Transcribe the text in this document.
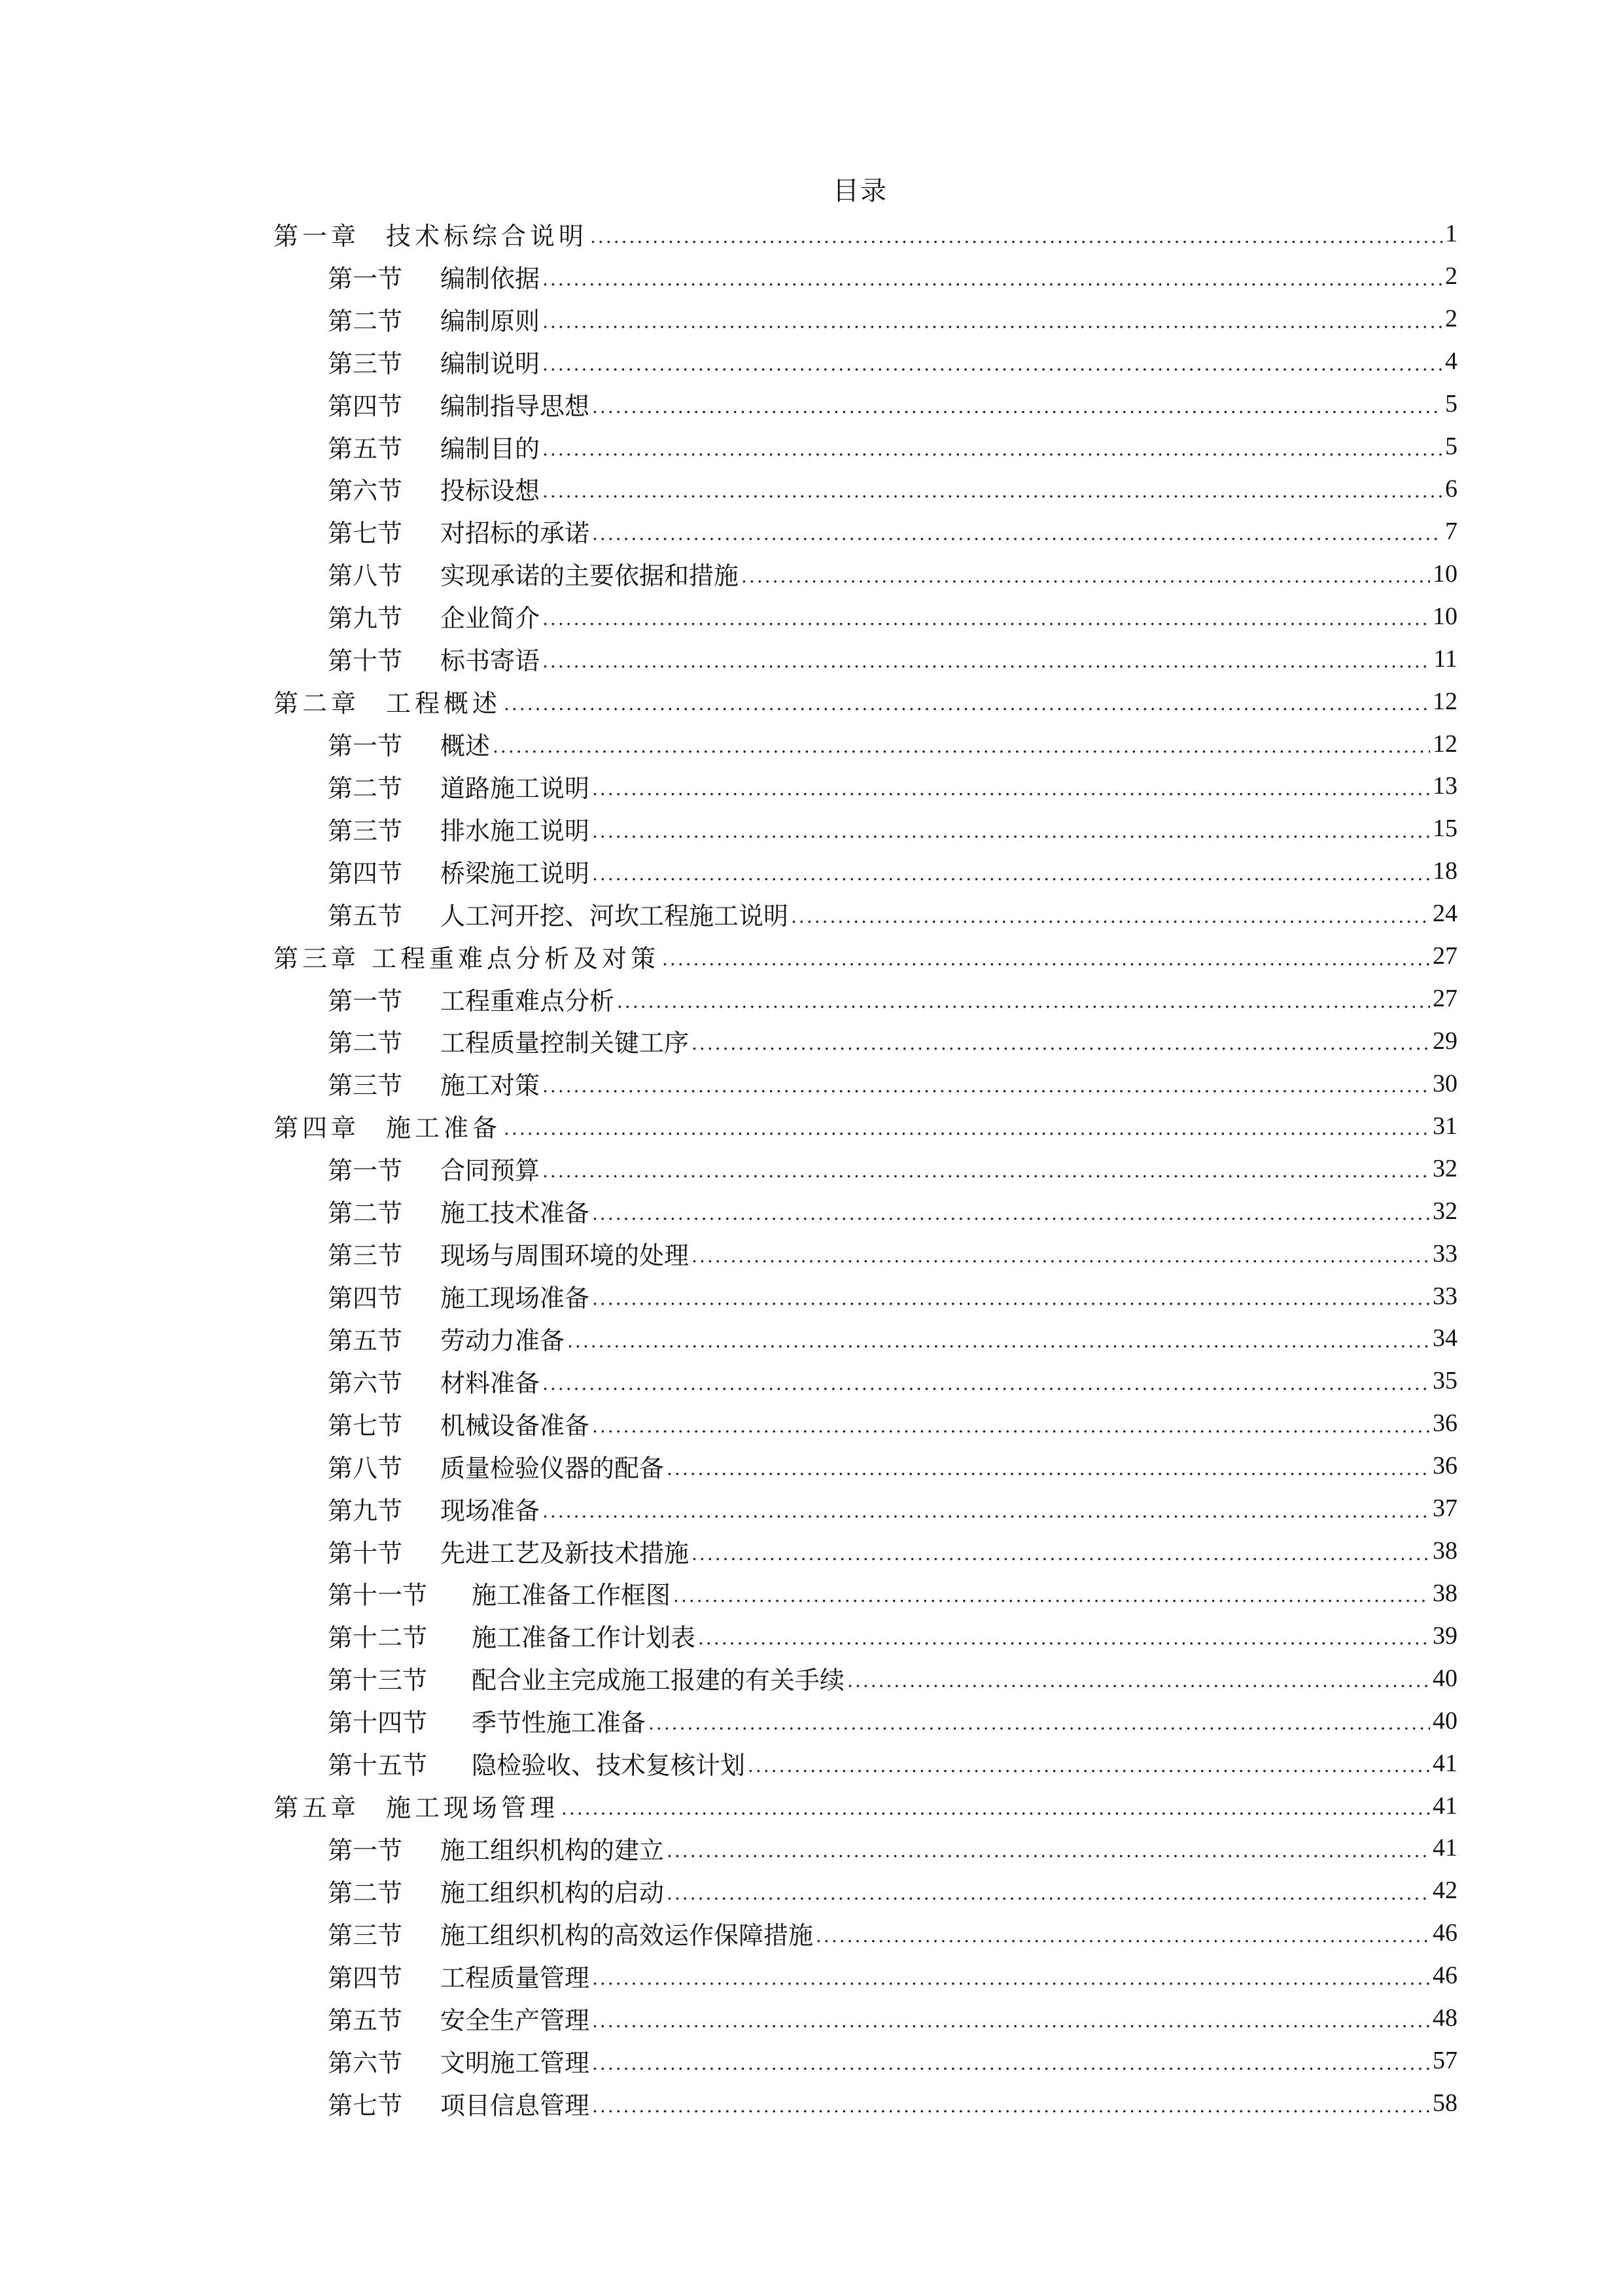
目录
第一章	技术标综合说明 .....	1
第一节	编制依据 .....	2
第二节	编制原则 .....	2
第三节	编制说明 .....	4
第四节	编制指导思想 .....	5
第五节	编制目的 .....	5
第六节	投标设想 .....	6
第七节	对招标的承诺 .....	7
第八节	实现承诺的主要依据和措施 .....	10
第九节	企业简介 .....	10
第十节	标书寄语 .....	11
第二章	工程概述 .....	12
第一节	概述 .....	12
第二节	道路施工说明 .....	13
第三节	排水施工说明 .....	15
第四节	桥梁施工说明 .....	18
第五节	人工河开挖、河坎工程施工说明 .....	24
第三章 工程重难点分析及对策 .....	27
第一节	工程重难点分析 .....	27
第二节	工程质量控制关键工序 .....	29
第三节	施工对策 .....	30
第四章	施工准备 .....	31
第一节	合同预算 .....	32
第二节	施工技术准备 .....	32
第三节	现场与周围环境的处理 .....	33
第四节	施工现场准备 .....	33
第五节	劳动力准备 .....	34
第六节	材料准备 .....	35
第七节	机械设备准备 .....	36
第八节	质量检验仪器的配备 .....	36
第九节	现场准备 .....	37
第十节	先进工艺及新技术措施 .....	38
第十一节	施工准备工作框图 .....	38
第十二节	施工准备工作计划表 .....	39
第十三节	配合业主完成施工报建的有关手续 .....	40
第十四节	季节性施工准备 .....	40
第十五节	隐检验收、技术复核计划 .....	41
第五章	施工现场管理 .....	41
第一节	施工组织机构的建立 .....	41
第二节	施工组织机构的启动 .....	42
第三节	施工组织机构的高效运作保障措施 .....	46
第四节	工程质量管理 .....	46
第五节	安全生产管理 .....	48
第六节	文明施工管理 .....	57
第七节	项目信息管理 .....	58
